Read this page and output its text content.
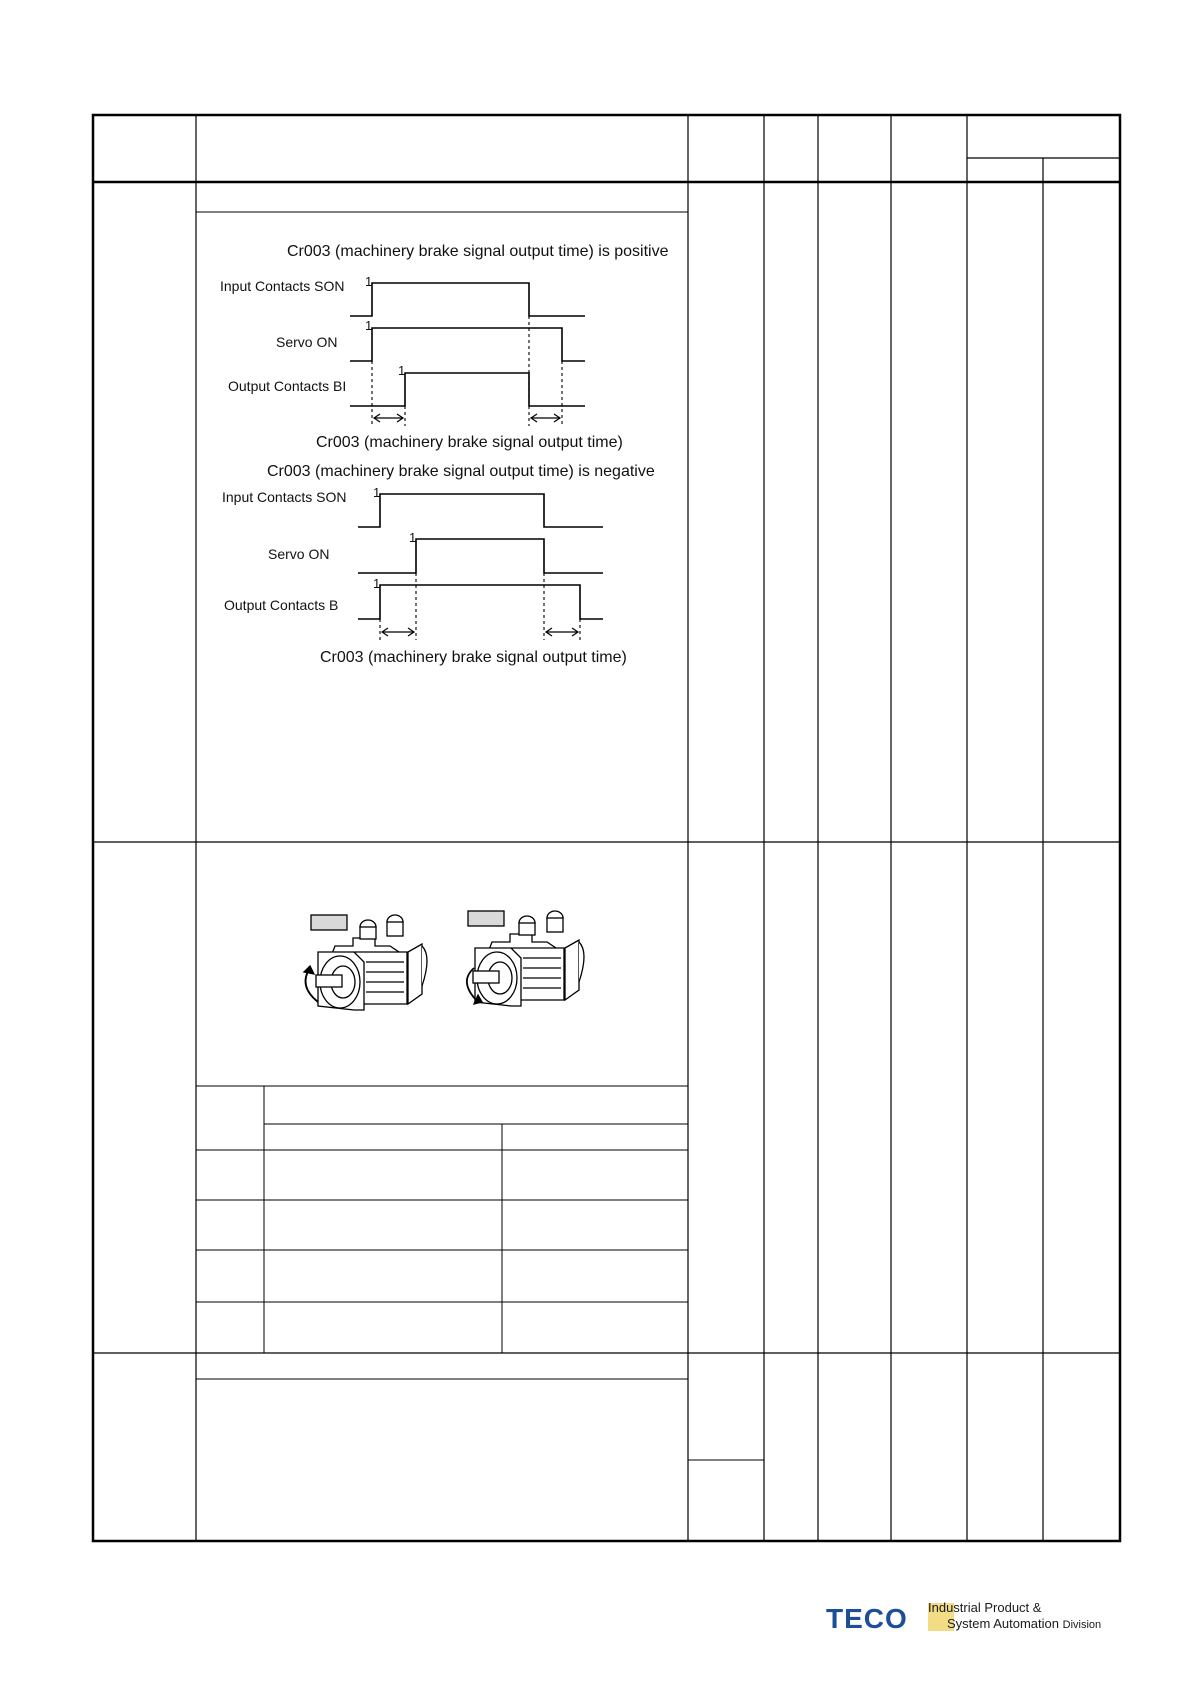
Cr003 (machinery brake signal output time) is positive
Input Contacts SON
Servo ON
Output Contacts BI
1
1
1
Cr003 (machinery brake signal output time)
Cr003 (machinery brake signal output time) is negative
Input Contacts SON
Servo ON
Output Contacts B
1
1
1
Cr003 (machinery brake signal output time)
TECO Industrial Product &
System Automation Division
